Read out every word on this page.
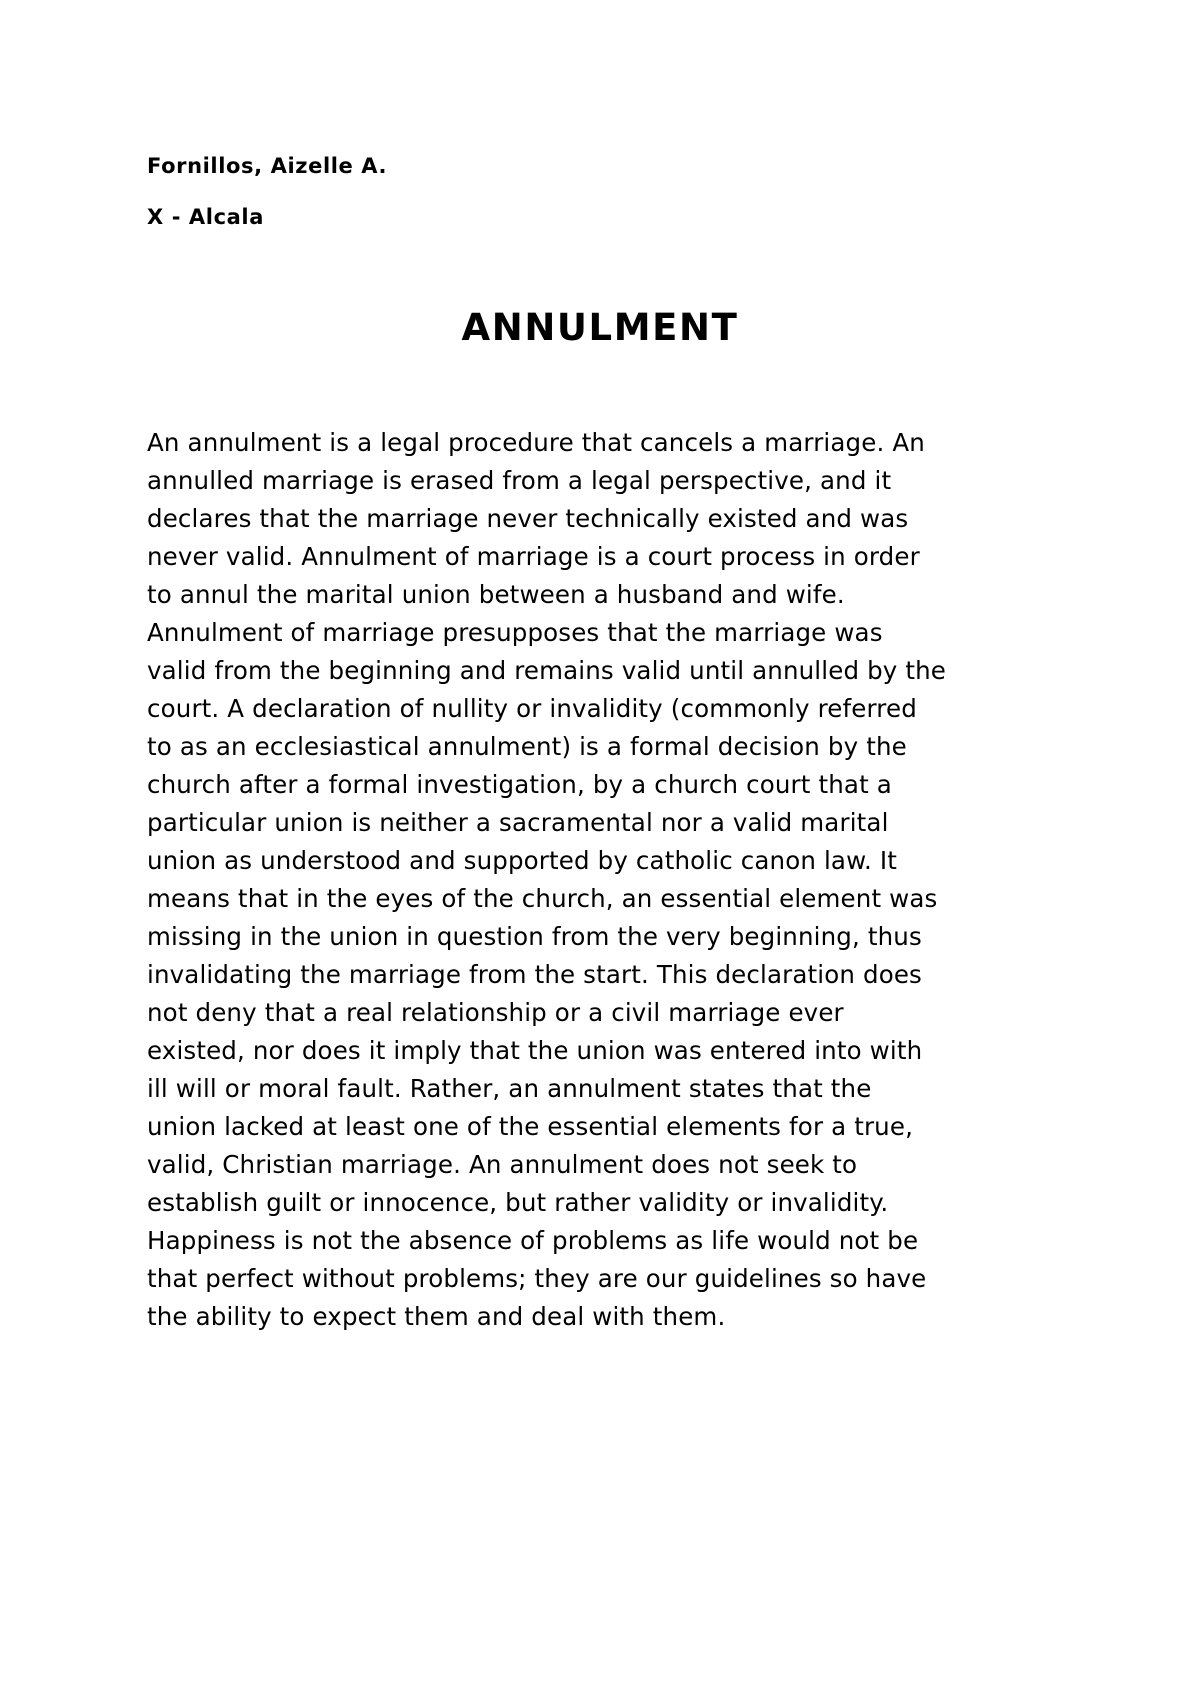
Fornillos, Aizelle A.
X - Alcala
ANNULMENT
An annulment is a legal procedure that cancels a marriage. An
annulled marriage is erased from a legal perspective, and it
declares that the marriage never technically existed and was
never valid. Annulment of marriage is a court process in order
to annul the marital union between a husband and wife.
Annulment of marriage presupposes that the marriage was
valid from the beginning and remains valid until annulled by the
court. A declaration of nullity or invalidity (commonly referred
to as an ecclesiastical annulment) is a formal decision by the
church after a formal investigation, by a church court that a
particular union is neither a sacramental nor a valid marital
union as understood and supported by catholic canon law. It
means that in the eyes of the church, an essential element was
missing in the union in question from the very beginning, thus
invalidating the marriage from the start. This declaration does
not deny that a real relationship or a civil marriage ever
existed, nor does it imply that the union was entered into with
ill will or moral fault. Rather, an annulment states that the
union lacked at least one of the essential elements for a true,
valid, Christian marriage. An annulment does not seek to
establish guilt or innocence, but rather validity or invalidity.
Happiness is not the absence of problems as life would not be
that perfect without problems; they are our guidelines so have
the ability to expect them and deal with them.
